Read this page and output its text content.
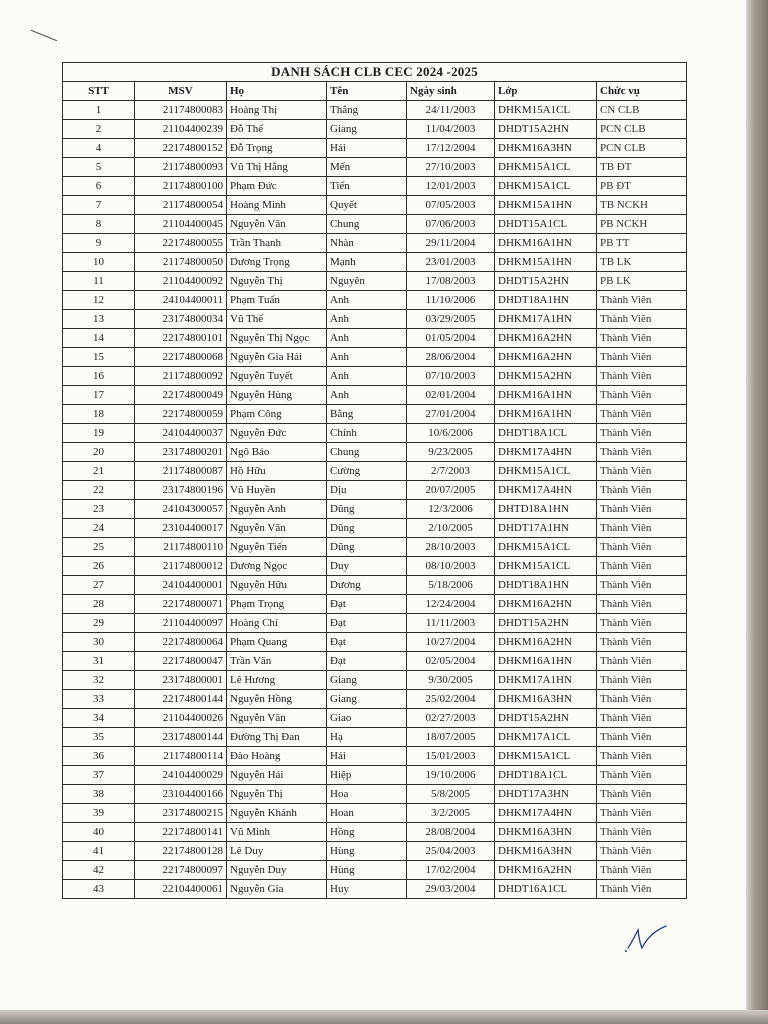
DANH SÁCH CLB CEC 2024 -2025						
STT	MSV	Họ	Tên	Ngày sinh	Lớp	Chức vụ
1	21174800083	Hoàng Thị	Thắng	24/11/2003	DHKM15A1CL	CN CLB
2	21104400239	Đỗ Thế	Giang	11/04/2003	DHDT15A2HN	PCN CLB
4	22174800152	Đỗ Trọng	Hải	17/12/2004	DHKM16A3HN	PCN CLB
5	21174800093	Vũ Thị Hằng	Mến	27/10/2003	DHKM15A1CL	TB ĐT
6	21174800100	Phạm Đức	Tiến	12/01/2003	DHKM15A1CL	PB ĐT
7	21174800054	Hoàng Minh	Quyết	07/05/2003	DHKM15A1HN	TB NCKH
8	21104400045	Nguyễn Văn	Chung	07/06/2003	DHDT15A1CL	PB NCKH
9	22174800055	Trần Thanh	Nhàn	29/11/2004	DHKM16A1HN	PB TT
10	21174800050	Dương Trọng	Mạnh	23/01/2003	DHKM15A1HN	TB LK
11	21104400092	Nguyễn Thị	Nguyên	17/08/2003	DHDT15A2HN	PB LK
12	24104400011	Phạm Tuấn	Anh	11/10/2006	DHDT18A1HN	Thành Viên
13	23174800034	Vũ Thế	Anh	03/29/2005	DHKM17A1HN	Thành Viên
14	22174800101	Nguyễn Thị Ngọc	Anh	01/05/2004	DHKM16A2HN	Thành Viên
15	22174800068	Nguyễn Gia Hải	Anh	28/06/2004	DHKM16A2HN	Thành Viên
16	21174800092	Nguyễn Tuyết	Anh	07/10/2003	DHKM15A2HN	Thành Viên
17	22174800049	Nguyễn Hùng	Anh	02/01/2004	DHKM16A1HN	Thành Viên
18	22174800059	Phạm Công	Bằng	27/01/2004	DHKM16A1HN	Thành Viên
19	24104400037	Nguyễn Đức	Chính	10/6/2006	DHDT18A1CL	Thành Viên
20	23174800201	Ngô Bảo	Chung	9/23/2005	DHKM17A4HN	Thành Viên
21	21174800087	Hồ Hữu	Cường	2/7/2003	DHKM15A1CL	Thành Viên
22	23174800196	Vũ Huyền	Dịu	20/07/2005	DHKM17A4HN	Thành Viên
23	24104300057	Nguyễn Anh	Dũng	12/3/2006	DHTD18A1HN	Thành Viên
24	23104400017	Nguyễn Văn	Dũng	2/10/2005	DHDT17A1HN	Thành Viên
25	21174800110	Nguyễn Tiến	Dũng	28/10/2003	DHKM15A1CL	Thành Viên
26	21174800012	Dương Ngọc	Duy	08/10/2003	DHKM15A1CL	Thành Viên
27	24104400001	Nguyễn Hữu	Dương	5/18/2006	DHDT18A1HN	Thành Viên
28	22174800071	Phạm Trọng	Đạt	12/24/2004	DHKM16A2HN	Thành Viên
29	21104400097	Hoàng Chí	Đạt	11/11/2003	DHDT15A2HN	Thành Viên
30	22174800064	Phạm Quang	Đạt	10/27/2004	DHKM16A2HN	Thành Viên
31	22174800047	Trần Văn	Đạt	02/05/2004	DHKM16A1HN	Thành Viên
32	23174800001	Lê Hương	Giang	9/30/2005	DHKM17A1HN	Thành Viên
33	22174800144	Nguyễn Hồng	Giang	25/02/2004	DHKM16A3HN	Thành Viên
34	21104400026	Nguyễn Văn	Giao	02/27/2003	DHDT15A2HN	Thành Viên
35	23174800144	Đường Thị Đan	Hạ	18/07/2005	DHKM17A1CL	Thành Viên
36	21174800114	Đào Hoàng	Hải	15/01/2003	DHKM15A1CL	Thành Viên
37	24104400029	Nguyễn Hải	Hiệp	19/10/2006	DHDT18A1CL	Thành Viên
38	23104400166	Nguyễn Thị	Hoa	5/8/2005	DHDT17A3HN	Thành Viên
39	23174800215	Nguyễn Khánh	Hoan	3/2/2005	DHKM17A4HN	Thành Viên
40	22174800141	Vũ Minh	Hồng	28/08/2004	DHKM16A3HN	Thành Viên
41	22174800128	Lê Duy	Hùng	25/04/2003	DHKM16A3HN	Thành Viên
42	22174800097	Nguyễn Duy	Hùng	17/02/2004	DHKM16A2HN	Thành Viên
43	22104400061	Nguyễn Gia	Huy	29/03/2004	DHDT16A1CL	Thành Viên
